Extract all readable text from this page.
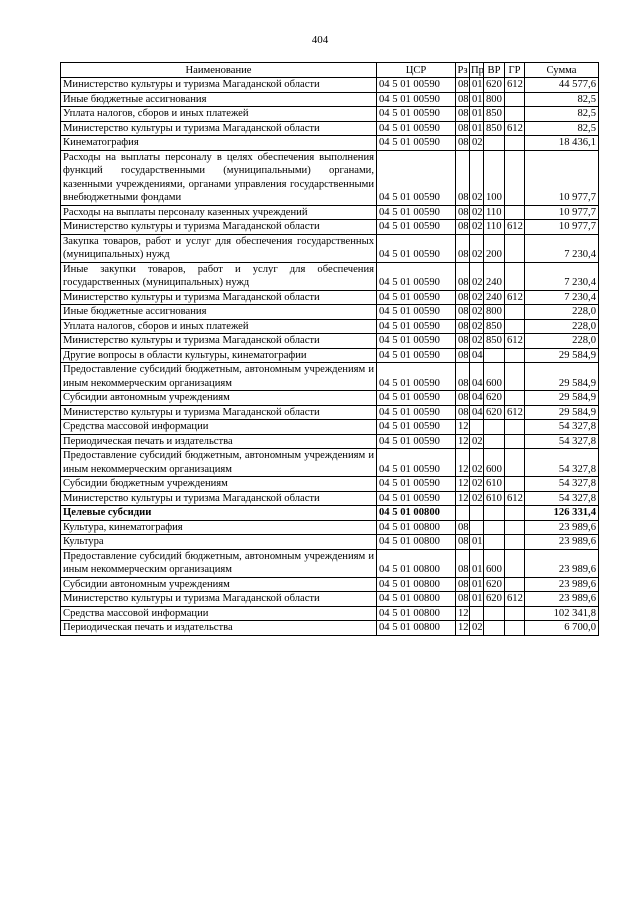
404
Наименование	ЦСР	Рз	Пр	ВР	ГР	Сумма
Министерство культуры и туризма Магаданской области	04 5 01 00590	08	01	620	612	44 577,6
Иные бюджетные ассигнования	04 5 01 00590	08	01	800		82,5
Уплата налогов, сборов и иных платежей	04 5 01 00590	08	01	850		82,5
Министерство культуры и туризма Магаданской области	04 5 01 00590	08	01	850	612	82,5
Кинематография	04 5 01 00590	08	02			18 436,1
Расходы на выплаты персоналу в целях обеспечения выполнения функций государственными (муниципальными) органами, казенными учреждениями, органами управления государственными внебюджетными фондами	04 5 01 00590	08	02	100		10 977,7
Расходы на выплаты персоналу казенных учреждений	04 5 01 00590	08	02	110		10 977,7
Министерство культуры и туризма Магаданской области	04 5 01 00590	08	02	110	612	10 977,7
Закупка товаров, работ и услуг для обеспечения государственных (муниципальных) нужд	04 5 01 00590	08	02	200		7 230,4
Иные закупки товаров, работ и услуг для обеспечения государственных (муниципальных) нужд	04 5 01 00590	08	02	240		7 230,4
Министерство культуры и туризма Магаданской области	04 5 01 00590	08	02	240	612	7 230,4
Иные бюджетные ассигнования	04 5 01 00590	08	02	800		228,0
Уплата налогов, сборов и иных платежей	04 5 01 00590	08	02	850		228,0
Министерство культуры и туризма Магаданской области	04 5 01 00590	08	02	850	612	228,0
Другие вопросы в области культуры, кинематографии	04 5 01 00590	08	04			29 584,9
Предоставление субсидий бюджетным, автономным учреждениям и иным некоммерческим организациям	04 5 01 00590	08	04	600		29 584,9
Субсидии автономным учреждениям	04 5 01 00590	08	04	620		29 584,9
Министерство культуры и туризма Магаданской области	04 5 01 00590	08	04	620	612	29 584,9
Средства массовой информации	04 5 01 00590	12				54 327,8
Периодическая печать и издательства	04 5 01 00590	12	02			54 327,8
Предоставление субсидий бюджетным, автономным учреждениям и иным некоммерческим организациям	04 5 01 00590	12	02	600		54 327,8
Субсидии бюджетным учреждениям	04 5 01 00590	12	02	610		54 327,8
Министерство культуры и туризма Магаданской области	04 5 01 00590	12	02	610	612	54 327,8
Целевые субсидии	04 5 01 00800					126 331,4
Культура, кинематография	04 5 01 00800	08				23 989,6
Культура	04 5 01 00800	08	01			23 989,6
Предоставление субсидий бюджетным, автономным учреждениям и иным некоммерческим организациям	04 5 01 00800	08	01	600		23 989,6
Субсидии автономным учреждениям	04 5 01 00800	08	01	620		23 989,6
Министерство культуры и туризма Магаданской области	04 5 01 00800	08	01	620	612	23 989,6
Средства массовой информации	04 5 01 00800	12				102 341,8
Периодическая печать и издательства	04 5 01 00800	12	02			6 700,0
